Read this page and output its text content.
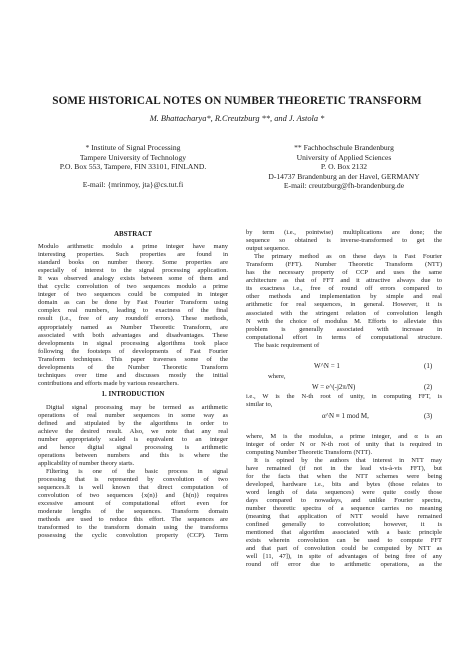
SOME HISTORICAL NOTES ON NUMBER THEORETIC TRANSFORM
M. Bhattacharya*, R.Creutzburg **, and J. Astola *
* Institute of Signal Processing
Tampere University of Technology
P.O. Box 553, Tampere, FIN 33101, FINLAND.
E-mail: {mrinmoy, jta}@cs.tut.fi
** Fachhochschule Brandenburg
University of Applied Sciences
P. O. Box 2132
D-14737 Brandenburg an der Havel, GERMANY
E-mail: creutzburg@fh-brandenburg.de
ABSTRACT
Modulo arithmetic modulo a prime integer have many
interesting properties. Such properties are found in
standard books on number theory. Some properties are
especially of interest to the signal processing application.
It was observed analogy exists between some of them and
that cyclic convolution of two sequences modulo a prime
integer of two sequences could be computed in integer
domain as can be done by Fast Fourier Transform using
complex real numbers, leading to exactness of the final
result (i.e., free of any roundoff errors). These methods,
appropriately named as Number Theoretic Transform, are
associated with both advantages and disadvantages. These
developments in signal processing algorithms took place
following the footsteps of developments of Fast Fourier
Transform techniques. This paper traverses some of the
developments of the Number Theoretic Transform
techniques over time and discusses mostly the initial
contributions and efforts made by various researchers.
1. INTRODUCTION
Digital signal processing may be termed as arithmetic
operations of real number sequences in some way as
defined and stipulated by the algorithms in order to
achieve the desired result. Also, we note that any real
number appropriately scaled is equivalent to an integer
and hence digital signal processing is arithmetic
operations between numbers and this is where the
applicability of number theory starts.
Filtering is one of the basic process in signal
processing that is represented by convolution of two
sequences.It is well known that direct computation of
convolution of two sequences {x(n)} and {h(n)} requires
excessive amount of computational effort even for
moderate lengths of the sequences. Transform domain
methods are used to reduce this effort. The sequences are
transformed to the transform domain using the transforms
possessing the cyclic convolution property (CCP). Term
by term (i.e., pointwise) multiplications are done; the
sequence so obtained is inverse-transformed to get the
output sequence.
The primary method as on these days is Fast Fourier
Transform (FFT). Number Theoretic Transform (NTT)
has the necessary property of CCP and uses the same
architecture as that of FFT and it attractive always due to
its exactness i.e., free of round off errors compared to
other methods and implementation by simple and real
arithmetic for real sequences, in general. However, it is
associated with the stringent relation of convolution length
N with the choice of modulus M. Efforts to alleviate this
problem is generally associated with increase in
computational effort in terms of computational structure.
The basic requirement of
W^N = 1	(1)
where,
W = e^(-j2π/N)	(2)
i.e., W is the N-th root of unity, in computing FFT, is
similar to,
α^N ≡ 1 mod M,	(3)
where, M is the modulus, a prime integer, and α is an
integer of order N or N-th root of unity that is required in
computing Number Theoretic Transform (NTT).
It is opined by the authors that interest in NTT may
have remained (if not in the lead vis-à-vis FFT), but
for the facts that when the NTT schemes were being
developed, hardware i.e., bits and bytes (those relates to
word length of data sequences) were quite costly those
days compared to nowadays, and unlike Fourier spectra,
number theoretic spectra of a sequence carries no meaning
(meaning that application of NTT would have remained
confined generally to convolution; however, it is
mentioned that algorithm associated with a basic principle
exists wherein convolution can be used to compute FFT
and that part of convolution could be computed by NTT as
well [11, 47]), in spite of advantages of being free of any
round off error due to arithmetic operations, as the
